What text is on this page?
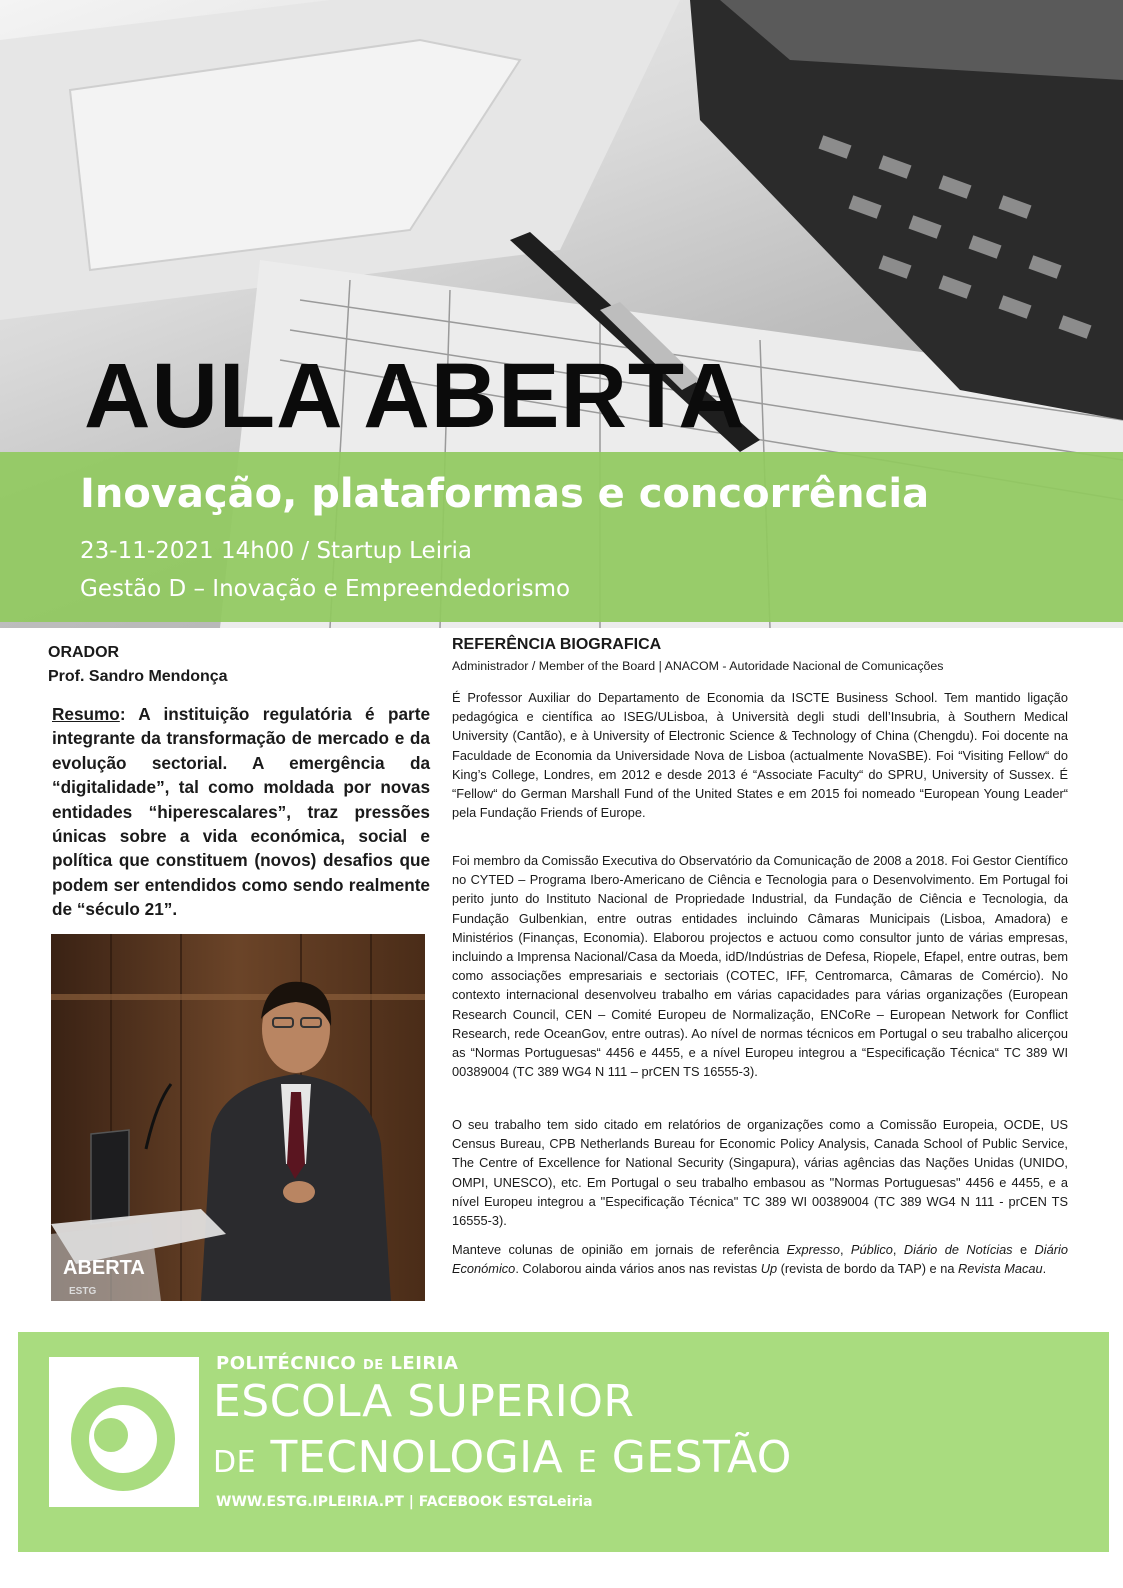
AULA ABERTA
Inovação, plataformas e concorrência
23-11-2021 14h00 / Startup Leiria
Gestão D – Inovação e Empreendedorismo
ORADOR
Prof. Sandro Mendonça

Resumo: A instituição regulatória é parte integrante da transformação de mercado e da evolução sectorial. A emergência da “digitalidade”, tal como moldada por novas entidades “hiperescalares”, traz pressões únicas sobre a vida económica, social e política que constituem (novos) desafios que podem ser entendidos como sendo realmente de “século 21”.

AULA
ABERTA
ESTG
REFERÊNCIA BIOGRAFICA
Administrador / Member of the Board | ANACOM - Autoridade Nacional de Comunicações

É Professor Auxiliar do Departamento de Economia da ISCTE Business School. Tem mantido ligação pedagógica e científica ao ISEG/ULisboa, à Università degli studi dell’Insubria, à Southern Medical University (Cantão), e à University of Electronic Science & Technology of China (Chengdu). Foi docente na Faculdade de Economia da Universidade Nova de Lisboa (actualmente NovaSBE). Foi “Visiting Fellow“ do King’s College, Londres, em 2012 e desde 2013 é “Associate Faculty“ do SPRU, University of Sussex. É “Fellow“ do German Marshall Fund of the United States e em 2015 foi nomeado “European Young Leader“ pela Fundação Friends of Europe.

Foi membro da Comissão Executiva do Observatório da Comunicação de 2008 a 2018. Foi Gestor Científico no CYTED – Programa Ibero-Americano de Ciência e Tecnologia para o Desenvolvimento. Em Portugal foi perito junto do Instituto Nacional de Propriedade Industrial, da Fundação de Ciência e Tecnologia, da Fundação Gulbenkian, entre outras entidades incluindo Câmaras Municipais (Lisboa, Amadora) e Ministérios (Finanças, Economia). Elaborou projectos e actuou como consultor junto de várias empresas, incluindo a Imprensa Nacional/Casa da Moeda, idD/Indústrias de Defesa, Riopele, Efapel, entre outras, bem como associações empresariais e sectoriais (COTEC, IFF, Centromarca, Câmaras de Comércio). No contexto internacional desenvolveu trabalho em várias capacidades para várias organizações (European Research Council, CEN – Comité Europeu de Normalização, ENCoRe – European Network for Conflict Research, rede OceanGov, entre outras). Ao nível de normas técnicos em Portugal o seu trabalho alicerçou as “Normas Portuguesas“ 4456 e 4455, e a nível Europeu integrou a “Especificação Técnica“ TC 389 WI 00389004 (TC 389 WG4 N 111 – prCEN TS 16555-3).

O seu trabalho tem sido citado em relatórios de organizações como a Comissão Europeia, OCDE, US Census Bureau, CPB Netherlands Bureau for Economic Policy Analysis, Canada School of Public Service, The Centre of Excellence for National Security (Singapura), várias agências das Nações Unidas (UNIDO, OMPI, UNESCO), etc. Em Portugal o seu trabalho embasou as "Normas Portuguesas" 4456 e 4455, e a nível Europeu integrou a "Especificação Técnica" TC 389 WI 00389004 (TC 389 WG4 N 111 - prCEN TS 16555-3).

Manteve colunas de opinião em jornais de referência Expresso, Público, Diário de Notícias e Diário Económico. Colaborou ainda vários anos nas revistas Up (revista de bordo da TAP) e na Revista Macau.

POLITÉCNICO DE LEIRIA
ESCOLA SUPERIOR
DE TECNOLOGIA E GESTÃO
WWW.ESTG.IPLEIRIA.PT | FACEBOOK ESTGLeiria
